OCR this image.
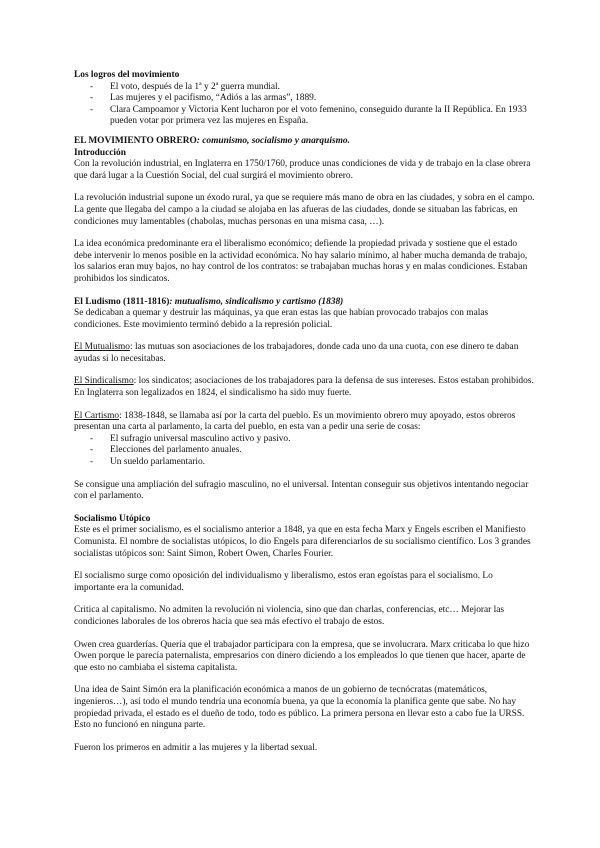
Los logros del movimiento

- El voto, después de la 1ª y 2ª guerra mundial.
- Las mujeres y el pacifismo, “Adiós a las armas”, 1889.
- Clara Campoamor y Victoria Kent lucharon por el voto femenino, conseguido durante la II República. En 1933 pueden votar por primera vez las mujeres en España.

EL MOVIMIENTO OBRERO: comunismo, socialismo y anarquismo.

Introducción

Con la revolución industrial, en Inglaterra en 1750/1760, produce unas condiciones de vida y de trabajo en la clase obrera que dará lugar a la Cuestión Social, del cual surgirá el movimiento obrero.

La revolución industrial supone un éxodo rural, ya que se requiere más mano de obra en las ciudades, y sobra en el campo. La gente que llegaba del campo a la ciudad se alojaba en las afueras de las ciudades, donde se situaban las fabricas, en condiciones muy lamentables (chabolas, muchas personas en una misma casa, …).

La idea económica predominante era el liberalismo económico; defiende la propiedad privada y sostiene que el estado debe intervenir lo menos posible en la actividad económica. No hay salario mínimo, al haber mucha demanda de trabajo, los salarios eran muy bajos, no hay control de los contratos: se trabajaban muchas horas y en malas condiciones. Estaban prohibidos los sindicatos.

El Ludismo (1811-1816): mutualismo, sindicalismo y cartismo (1838)

Se dedicaban a quemar y destruir las máquinas, ya que eran estas las que habían provocado trabajos con malas condiciones. Este movimiento terminó debido a la represión policial.

El Mutualismo: las mutuas son asociaciones de los trabajadores, donde cada uno da una cuota, con ese dinero te daban ayudas si lo necesitabas.

El Sindicalismo: los sindicatos; asociaciones de los trabajadores para la defensa de sus intereses. Estos estaban prohibidos. En Inglaterra son legalizados en 1824, el sindicalismo ha sido muy fuerte.

El Cartismo: 1838-1848, se llamaba así por la carta del pueblo. Es un movimiento obrero muy apoyado, estos obreros presentan una carta al parlamento, la carta del pueblo, en esta van a pedir una serie de cosas:

- El sufragio universal masculino activo y pasivo.
- Elecciones del parlamento anuales.
- Un sueldo parlamentario.

Se consigue una ampliación del sufragio masculino, no el universal. Intentan conseguir sus objetivos intentando negociar con el parlamento.

Socialismo Utópico

Este es el primer socialismo, es el socialismo anterior a 1848, ya que en esta fecha Marx y Engels escriben el Manifiesto Comunista. El nombre de socialistas utópicos, lo dio Engels para diferenciarlos de su socialismo científico. Los 3 grandes socialistas utópicos son: Saint Simon, Robert Owen, Charles Fourier.

El socialismo surge como oposición del individualismo y liberalismo, estos eran egoístas para el socialismo. Lo importante era la comunidad.

Critica al capitalismo. No admiten la revolución ni violencia, sino que dan charlas, conferencias, etc… Mejorar las condiciones laborales de los obreros hacia que sea más efectivo el trabajo de estos.

Owen crea guarderías. Quería que el trabajador participara con la empresa, que se involucrara. Marx criticaba lo que hizo Owen porque le parecía paternalista, empresarios con dinero diciendo a los empleados lo que tienen que hacer, aparte de que esto no cambiaba el sistema capitalista.

Una idea de Saint Simón era la planificación económica a manos de un gobierno de tecnócratas (matemáticos, ingenieros…), así todo el mundo tendría una economía buena, ya que la economía la planifica gente que sabe. No hay propiedad privada, el estado es el dueño de todo, todo es público. La primera persona en llevar esto a cabo fue la URSS. Esto no funcionó en ninguna parte.

Fueron los primeros en admitir a las mujeres y la libertad sexual.
